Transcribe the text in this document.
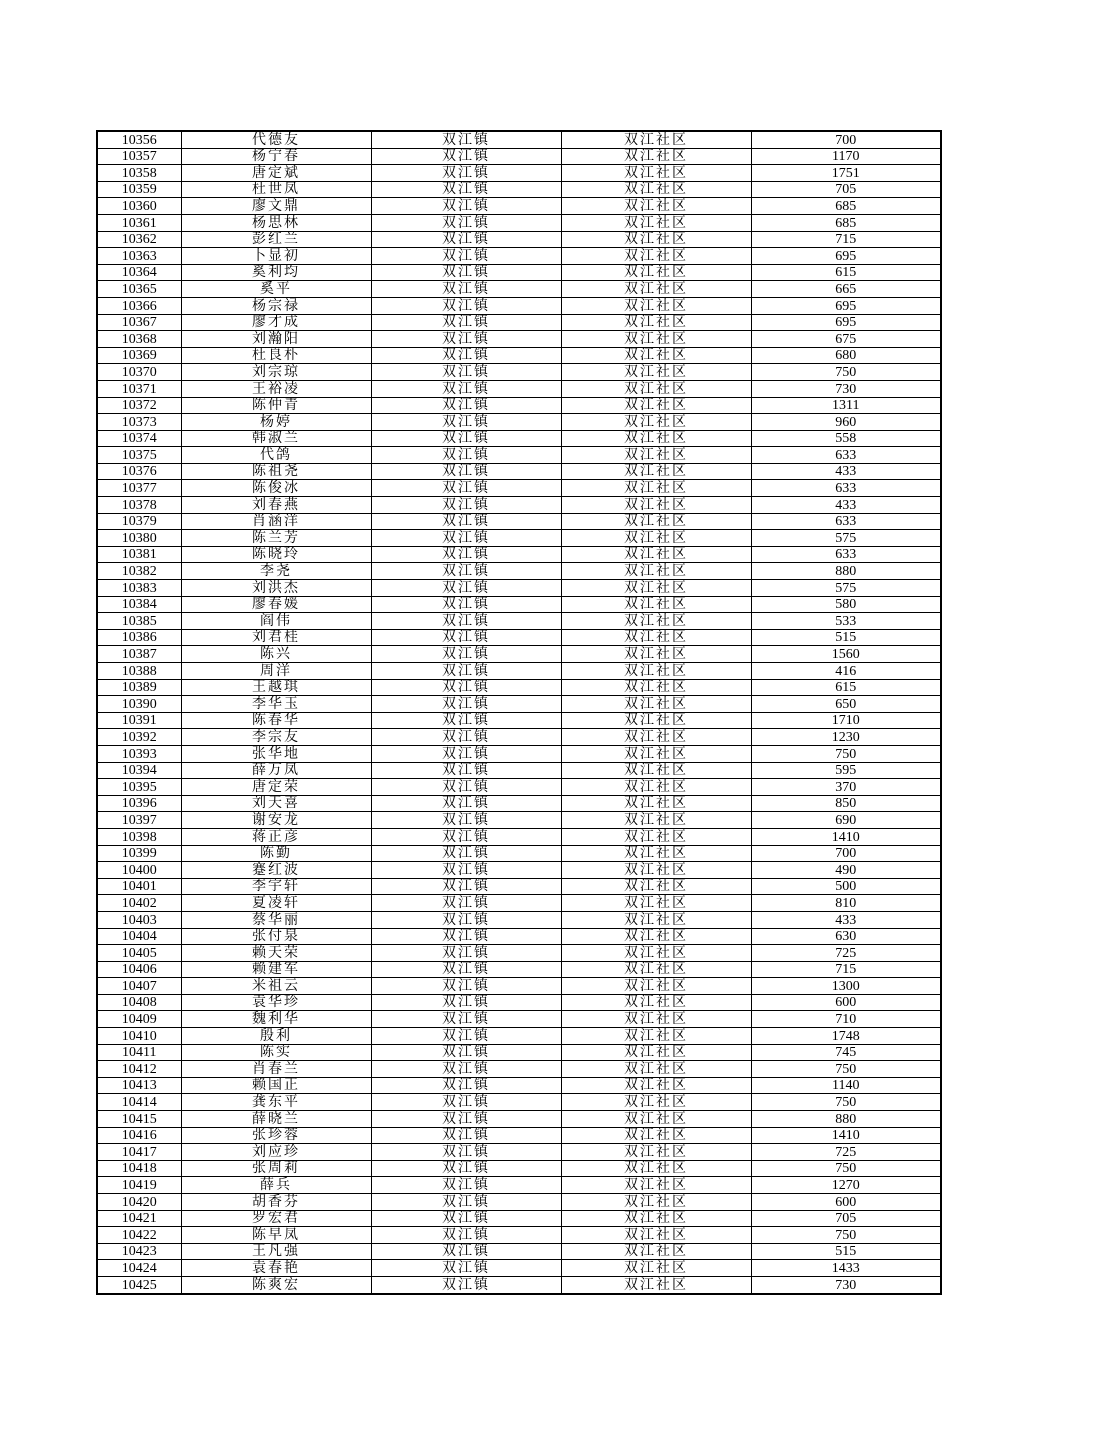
10356	代德友	双江镇	双江社区	700
10357	杨宁春	双江镇	双江社区	1170
10358	唐定斌	双江镇	双江社区	1751
10359	杜世凤	双江镇	双江社区	705
10360	廖文鼎	双江镇	双江社区	685
10361	杨思林	双江镇	双江社区	685
10362	彭红兰	双江镇	双江社区	715
10363	卜显初	双江镇	双江社区	695
10364	奚利均	双江镇	双江社区	615
10365	奚平	双江镇	双江社区	665
10366	杨宗禄	双江镇	双江社区	695
10367	廖才成	双江镇	双江社区	695
10368	刘瀚阳	双江镇	双江社区	675
10369	杜良朴	双江镇	双江社区	680
10370	刘宗琼	双江镇	双江社区	750
10371	王裕凌	双江镇	双江社区	730
10372	陈仲青	双江镇	双江社区	1311
10373	杨婷	双江镇	双江社区	960
10374	韩淑兰	双江镇	双江社区	558
10375	代鸽	双江镇	双江社区	633
10376	陈祖尧	双江镇	双江社区	433
10377	陈俊冰	双江镇	双江社区	633
10378	刘春燕	双江镇	双江社区	433
10379	肖涵洋	双江镇	双江社区	633
10380	陈兰芳	双江镇	双江社区	575
10381	陈晓玲	双江镇	双江社区	633
10382	李尧	双江镇	双江社区	880
10383	刘洪杰	双江镇	双江社区	575
10384	廖春媛	双江镇	双江社区	580
10385	阎伟	双江镇	双江社区	533
10386	刘君桂	双江镇	双江社区	515
10387	陈兴	双江镇	双江社区	1560
10388	周洋	双江镇	双江社区	416
10389	王越琪	双江镇	双江社区	615
10390	李华玉	双江镇	双江社区	650
10391	陈春华	双江镇	双江社区	1710
10392	李宗友	双江镇	双江社区	1230
10393	张华地	双江镇	双江社区	750
10394	薛万凤	双江镇	双江社区	595
10395	唐定荣	双江镇	双江社区	370
10396	刘天喜	双江镇	双江社区	850
10397	谢安龙	双江镇	双江社区	690
10398	蒋正彦	双江镇	双江社区	1410
10399	陈勤	双江镇	双江社区	700
10400	蹇红波	双江镇	双江社区	490
10401	李宇轩	双江镇	双江社区	500
10402	夏凌轩	双江镇	双江社区	810
10403	蔡华丽	双江镇	双江社区	433
10404	张付泉	双江镇	双江社区	630
10405	赖天荣	双江镇	双江社区	725
10406	赖建军	双江镇	双江社区	715
10407	米祖云	双江镇	双江社区	1300
10408	袁华珍	双江镇	双江社区	600
10409	魏利华	双江镇	双江社区	710
10410	殷利	双江镇	双江社区	1748
10411	陈实	双江镇	双江社区	745
10412	肖春兰	双江镇	双江社区	750
10413	赖国正	双江镇	双江社区	1140
10414	龚东平	双江镇	双江社区	750
10415	薛晓兰	双江镇	双江社区	880
10416	张珍蓉	双江镇	双江社区	1410
10417	刘应珍	双江镇	双江社区	725
10418	张周莉	双江镇	双江社区	750
10419	薛兵	双江镇	双江社区	1270
10420	胡香芬	双江镇	双江社区	600
10421	罗宏君	双江镇	双江社区	705
10422	陈早凤	双江镇	双江社区	750
10423	王凡强	双江镇	双江社区	515
10424	袁春艳	双江镇	双江社区	1433
10425	陈爽宏	双江镇	双江社区	730
